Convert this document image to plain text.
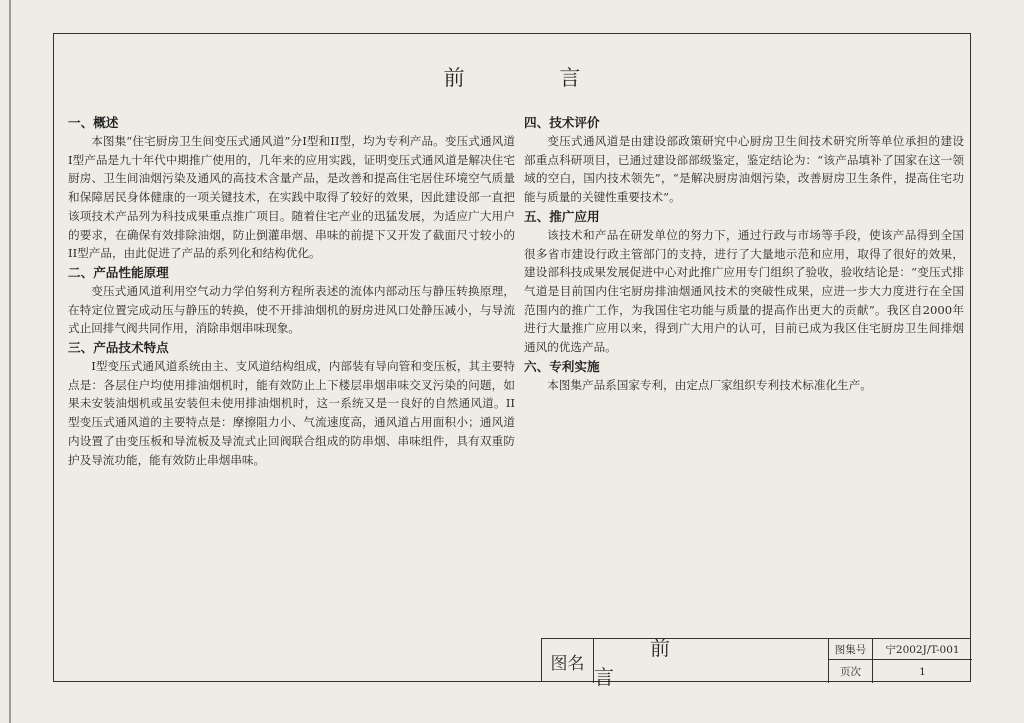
前 言
一、概述
本图集“住宅厨房卫生间变压式通风道”分I型和II型，均为专利产品。变压式通风道I型产品是九十年代中期推广使用的，几年来的应用实践，证明变压式通风道是解决住宅厨房、卫生间油烟污染及通风的高技术含量产品，是改善和提高住宅居住环境空气质量和保障居民身体健康的一项关键技术，在实践中取得了较好的效果，因此建设部一直把该项技术产品列为科技成果重点推广项目。随着住宅产业的迅猛发展，为适应广大用户的要求，在确保有效排除油烟，防止倒灌串烟、串味的前提下又开发了截面尺寸较小的II型产品，由此促进了产品的系列化和结构优化。
二、产品性能原理
变压式通风道利用空气动力学伯努利方程所表述的流体内部动压与静压转换原理，在特定位置完成动压与静压的转换，使不开排油烟机的厨房进风口处静压减小，与导流式止回排气阀共同作用，消除串烟串味现象。
三、产品技术特点
I型变压式通风道系统由主、支风道结构组成，内部装有导向管和变压板，其主要特点是：各层住户均使用排油烟机时，能有效防止上下楼层串烟串味交叉污染的问题，如果未安装油烟机或虽安装但未使用排油烟机时，这一系统又是一良好的自然通风道。II型变压式通风道的主要特点是：摩擦阻力小、气流速度高，通风道占用面积小；通风道内设置了由变压板和导流板及导流式止回阀联合组成的防串烟、串味组件，具有双重防护及导流功能，能有效防止串烟串味。
四、技术评价
变压式通风道是由建设部政策研究中心厨房卫生间技术研究所等单位承担的建设部重点科研项目，已通过建设部部级鉴定，鉴定结论为：“该产品填补了国家在这一领域的空白，国内技术领先”，“是解决厨房油烟污染，改善厨房卫生条件，提高住宅功能与质量的关键性重要技术”。
五、推广应用
该技术和产品在研发单位的努力下，通过行政与市场等手段，使该产品得到全国很多省市建设行政主管部门的支持，进行了大量地示范和应用，取得了很好的效果，建设部科技成果发展促进中心对此推广应用专门组织了验收，验收结论是：“变压式排气道是目前国内住宅厨房排油烟通风技术的突破性成果，应进一步大力度进行在全国范围内的推广工作，为我国住宅功能与质量的提高作出更大的贡献”。我区自2000年进行大量推广应用以来，得到广大用户的认可，目前已成为我区住宅厨房卫生间排烟通风的优选产品。
六、专利实施
本图集产品系国家专利，由定点厂家组织专利技术标准化生产。
图名
前 言
图集号	宁2002J/T-001
页次	1
